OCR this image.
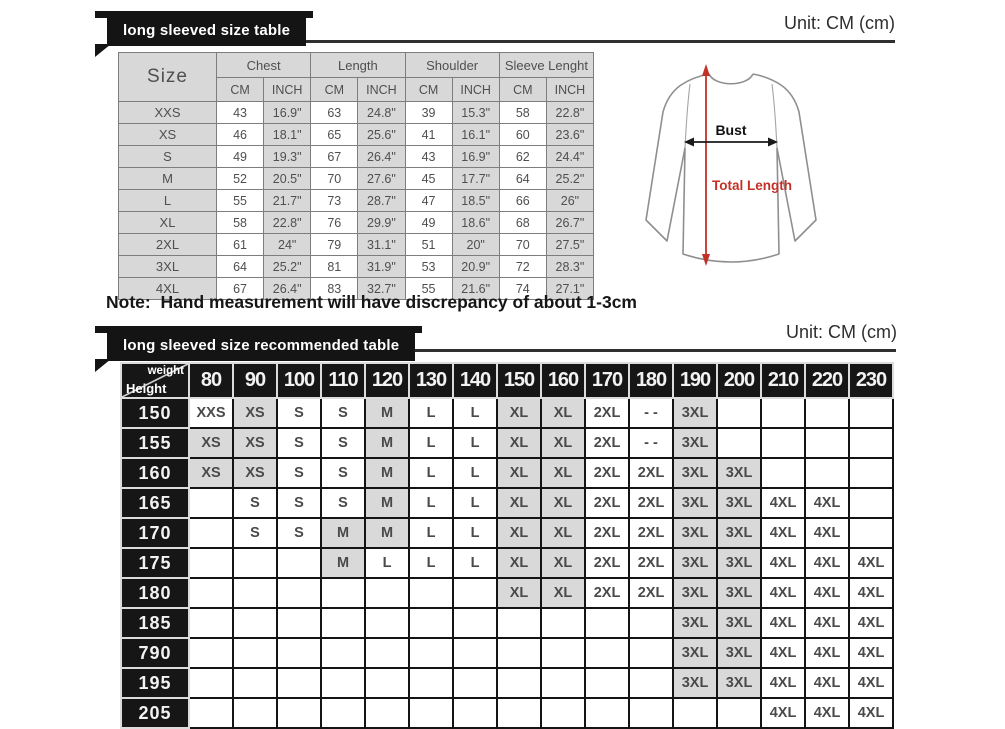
long sleeved size table	Unit: CM (cm)
Size	Chest		Length		Shoulder		Sleeve Lenght	
	CM	INCH	CM	INCH	CM	INCH	CM	INCH
XXS	43	16.9"	63	24.8"	39	15.3"	58	22.8"
XS	46	18.1"	65	25.6"	41	16.1"	60	23.6"
S	49	19.3"	67	26.4"	43	16.9"	62	24.4"
M	52	20.5"	70	27.6"	45	17.7"	64	25.2"
L	55	21.7"	73	28.7"	47	18.5"	66	26"
XL	58	22.8"	76	29.9"	49	18.6"	68	26.7"
2XL	61	24"	79	31.1"	51	20"	70	27.5"
3XL	64	25.2"	81	31.9"	53	20.9"	72	28.3"
4XL	67	26.4"	83	32.7"	55	21.6"	74	27.1"
Bust
Total Length
Note:  Hand measurement will have discrepancy of about 1-3cm
long sleeved size recommended table
Unit: CM (cm)
weight
Height	80	90	100	110	120	130	140	150	160	170	180	190	200	210	220	230
150	XXS	XS	S	S	M	L	L	XL	XL	2XL	- -	3XL				
155	XS	XS	S	S	M	L	L	XL	XL	2XL	- -	3XL				
160	XS	XS	S	S	M	L	L	XL	XL	2XL	2XL	3XL	3XL			
165		S	S	S	M	L	L	XL	XL	2XL	2XL	3XL	3XL	4XL	4XL	
170		S	S	M	M	L	L	XL	XL	2XL	2XL	3XL	3XL	4XL	4XL	
175				M	L	L	L	XL	XL	2XL	2XL	3XL	3XL	4XL	4XL	4XL
180								XL	XL	2XL	2XL	3XL	3XL	4XL	4XL	4XL
185												3XL	3XL	4XL	4XL	4XL
790												3XL	3XL	4XL	4XL	4XL
195												3XL	3XL	4XL	4XL	4XL
205														4XL	4XL	4XL
